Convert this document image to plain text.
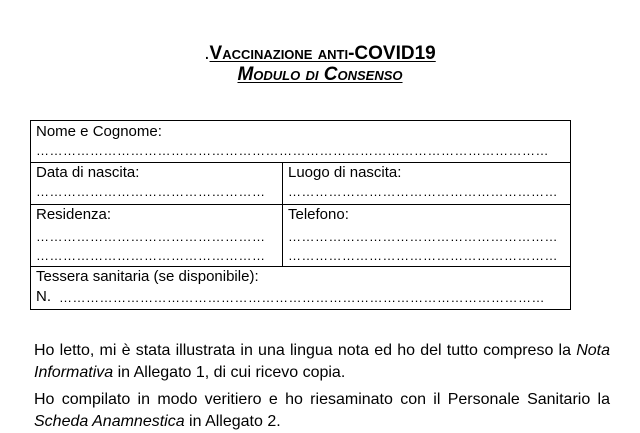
.Vaccinazione anti-COVID19
Modulo di Consenso
Nome e Cognome:
……………………………………………………………………………………………………
Data di nascita:
……………………………………………
Luogo di nascita:
……………………………………………………
Residenza:
……………………………………………
……………………………………………
Telefono:
……………………………………………………
……………………………………………………
Tessera sanitaria (se disponibile):
N. ………………………………………………………………………………………………
Ho letto, mi è stata illustrata in una lingua nota ed ho del tutto compreso la Nota Informativa in Allegato 1, di cui ricevo copia.
Ho compilato in modo veritiero e ho riesaminato con il Personale Sanitario la Scheda Anamnestica in Allegato 2.
